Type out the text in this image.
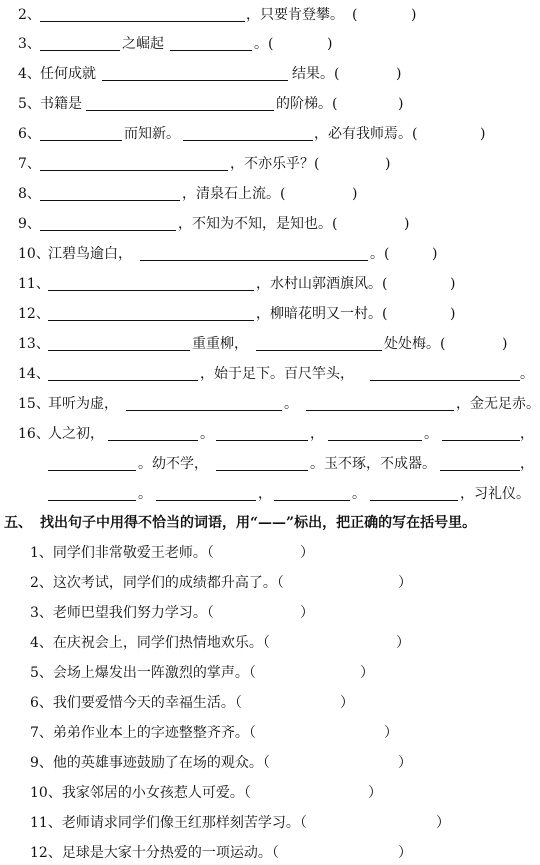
2、	，只要肯登攀。 (	)
3、	之崛起	。(	)
4、 任何成就	结果。(	)
5、 书籍是	的阶梯。(	)
6、	而知新。	，必有我师焉。(	)
7、	，不亦乐乎？(	)
8、	，清泉石上流。(	)
9、	，不知为不知，是知也。(	)
10、
江碧鸟逾白，	。(	)
11、	，水村山郭酒旗风。(	)
12、	，柳暗花明又一村。(	)
13、	重重柳，	处处梅。(	)
14、	，始于足下。百尺竿头，	。
15、
耳听为虚，	。	，金无足赤。
16、
人之初，	。	，	。	，
。幼不学，	。玉不琢，不成器。	，
。	，	。	，习礼仪。
五、 找出句子中用得不恰当的词语，用“——”标出，把正确的写在括号里。
1、同学们非常敬爱王老师。（	）
2、这次考试，同学们的成绩都升高了。（	）
3、老师巴望我们努力学习。（	）
4、在庆祝会上，同学们热情地欢乐。（	）
5、会场上爆发出一阵激烈的掌声。（	）
6、我们要爱惜今天的幸福生活。（	）
7、弟弟作业本上的字迹整整齐齐。（	）
9、他的英雄事迹鼓励了在场的观众。（	）
10、我家邻居的小女孩惹人可爱。（	）
11、老师请求同学们像王红那样刻苦学习。（	）
12、足球是大家十分热爱的一项运动。（	）
